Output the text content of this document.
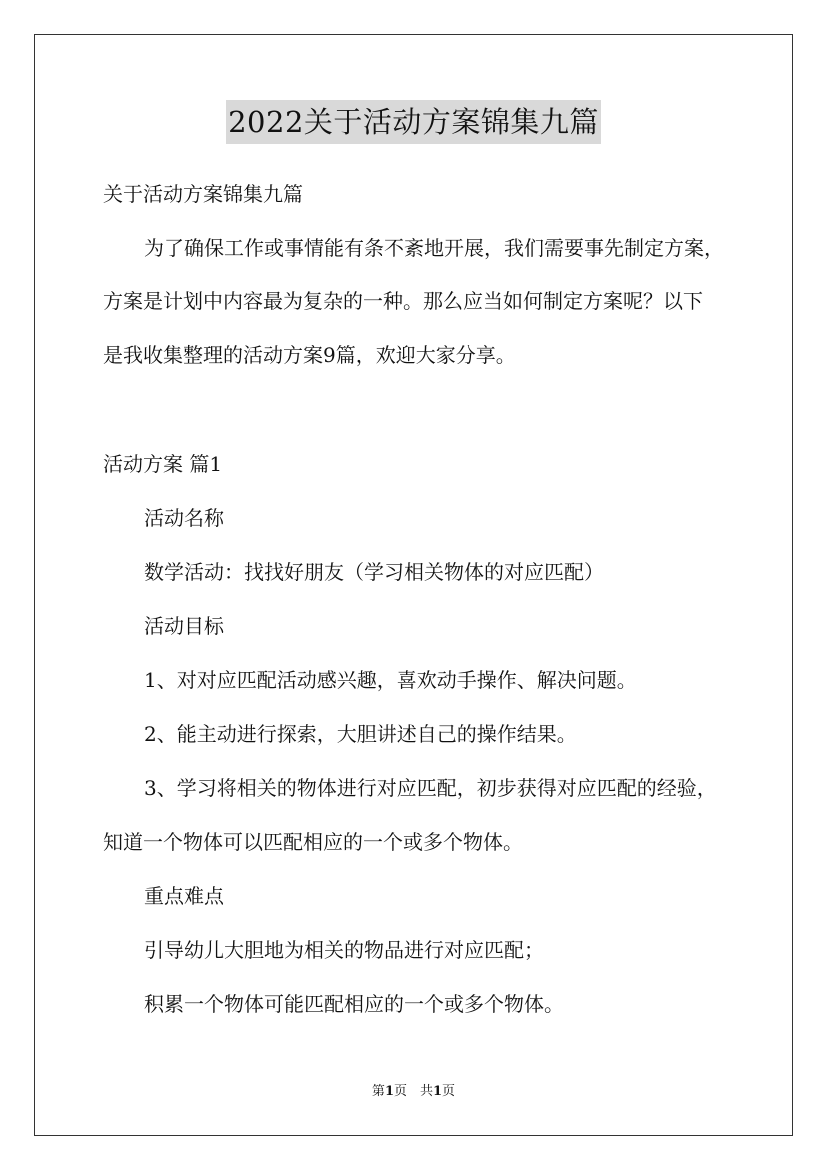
2022关于活动方案锦集九篇
关于活动方案锦集九篇
为了确保工作或事情能有条不紊地开展，我们需要事先制定方案，
方案是计划中内容最为复杂的一种。那么应当如何制定方案呢？以下
是我收集整理的活动方案9篇，欢迎大家分享。
活动方案 篇1
活动名称
数学活动：找找好朋友（学习相关物体的对应匹配）
活动目标
1、对对应匹配活动感兴趣，喜欢动手操作、解决问题。
2、能主动进行探索，大胆讲述自己的操作结果。
3、学习将相关的物体进行对应匹配，初步获得对应匹配的经验，
知道一个物体可以匹配相应的一个或多个物体。
重点难点
引导幼儿大胆地为相关的物品进行对应匹配；
积累一个物体可能匹配相应的一个或多个物体。
第1页　共1页
